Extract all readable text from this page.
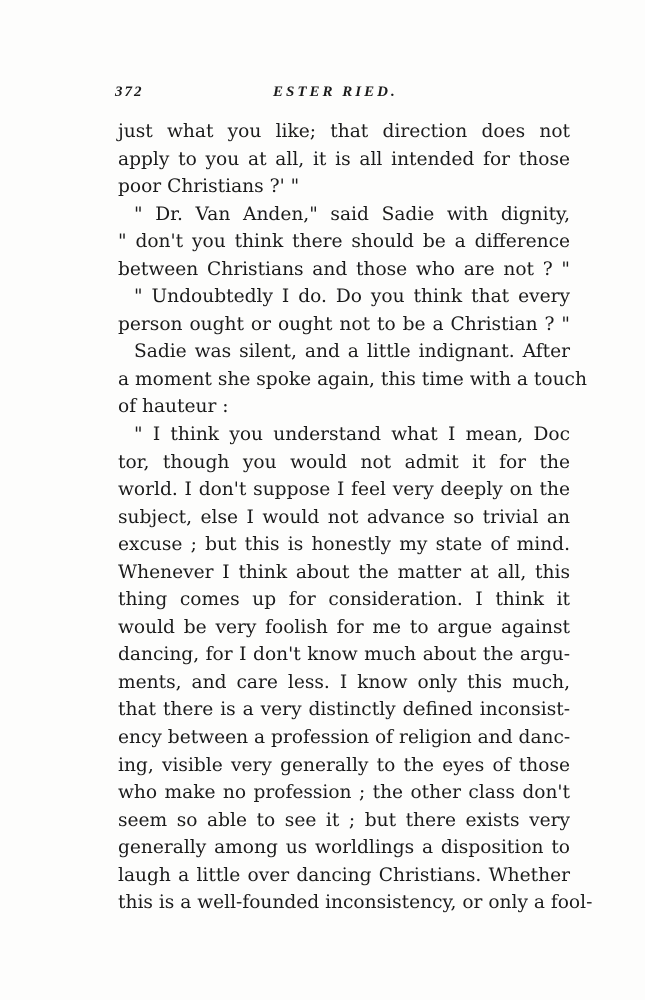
372	ESTER RIED.
just what you like; that direction does not
apply to you at all, it is all intended for those
poor Christians ?' "
" Dr. Van Anden," said Sadie with dignity,
" don't you think there should be a difference
between Christians and those who are not ? "
" Undoubtedly I do. Do you think that every
person ought or ought not to be a Christian ? "
Sadie was silent, and a little indignant. After
a moment she spoke again, this time with a touch
of hauteur :
" I think you understand what I mean, Doc
tor, though you would not admit it for the
world. I don't suppose I feel very deeply on the
subject, else I would not advance so trivial an
excuse ; but this is honestly my state of mind.
Whenever I think about the matter at all, this
thing comes up for consideration. I think it
would be very foolish for me to argue against
dancing, for I don't know much about the argu-
ments, and care less. I know only this much,
that there is a very distinctly defined inconsist-
ency between a profession of religion and danc-
ing, visible very generally to the eyes of those
who make no profession ; the other class don't
seem so able to see it ; but there exists very
generally among us worldlings a disposition to
laugh a little over dancing Christians. Whether
this is a well-founded inconsistency, or only a fool-
